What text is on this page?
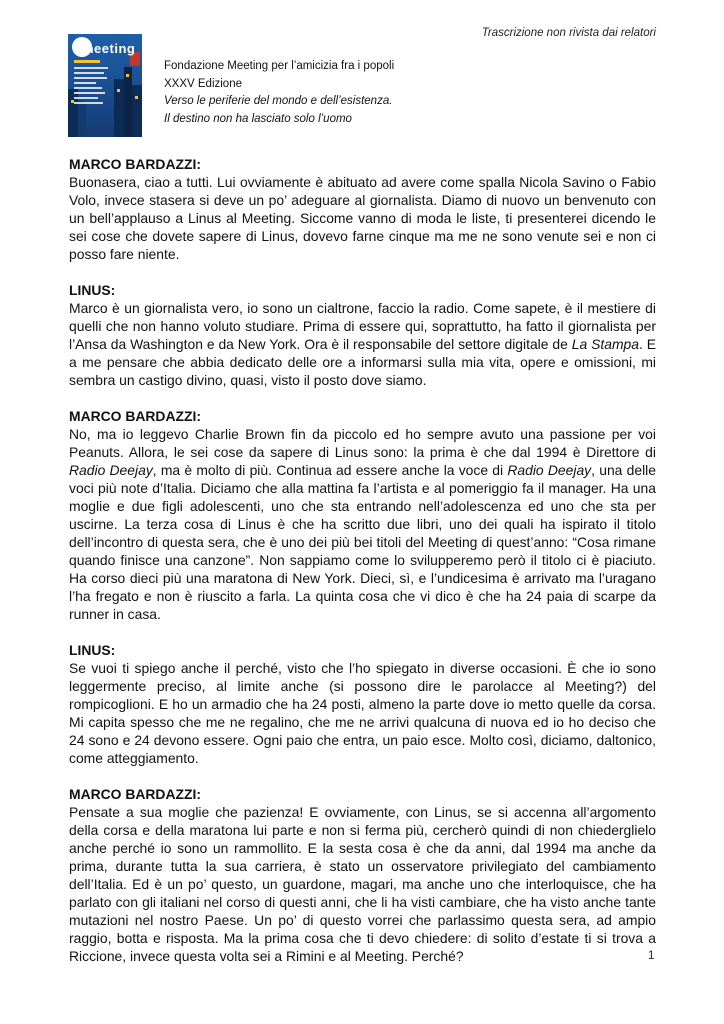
Trascrizione non rivista dai relatori
meeting
Fondazione Meeting per l’amicizia fra i popoli
XXXV Edizione
Verso le periferie del mondo e dell’esistenza.
Il destino non ha lasciato solo l’uomo

MARCO BARDAZZI:

Buonasera, ciao a tutti. Lui ovviamente è abituato ad avere come spalla Nicola Savino o Fabio Volo, invece stasera si deve un po’ adeguare al giornalista. Diamo di nuovo un benvenuto con un bell’applauso a Linus al Meeting. Siccome vanno di moda le liste, ti presenterei dicendo le sei cose che dovete sapere di Linus, dovevo farne cinque ma me ne sono venute sei e non ci posso fare niente.

LINUS:

Marco è un giornalista vero, io sono un cialtrone, faccio la radio. Come sapete, è il mestiere di quelli che non hanno voluto studiare. Prima di essere qui, soprattutto, ha fatto il giornalista per l’Ansa da Washington e da New York. Ora è il responsabile del settore digitale de La Stampa. E a me pensare che abbia dedicato delle ore a informarsi sulla mia vita, opere e omissioni, mi sembra un castigo divino, quasi, visto il posto dove siamo.

MARCO BARDAZZI:

No, ma io leggevo Charlie Brown fin da piccolo ed ho sempre avuto una passione per voi Peanuts. Allora, le sei cose da sapere di Linus sono: la prima è che dal 1994 è Direttore di Radio Deejay, ma è molto di più. Continua ad essere anche la voce di Radio Deejay, una delle voci più note d’Italia. Diciamo che alla mattina fa l’artista e al pomeriggio fa il manager. Ha una moglie e due figli adolescenti, uno che sta entrando nell’adolescenza ed uno che sta per uscirne. La terza cosa di Linus è che ha scritto due libri, uno dei quali ha ispirato il titolo dell’incontro di questa sera, che è uno dei più bei titoli del Meeting di quest’anno: “Cosa rimane quando finisce una canzone”. Non sappiamo come lo svilupperemo però il titolo ci è piaciuto. Ha corso dieci più una maratona di New York. Dieci, sì, e l’undicesima è arrivato ma l’uragano l’ha fregato e non è riuscito a farla. La quinta cosa che vi dico è che ha 24 paia di scarpe da runner in casa.

LINUS:

Se vuoi ti spiego anche il perché, visto che l’ho spiegato in diverse occasioni. È che io sono leggermente preciso, al limite anche (si possono dire le parolacce al Meeting?) del rompicoglioni. E ho un armadio che ha 24 posti, almeno la parte dove io metto quelle da corsa. Mi capita spesso che me ne regalino, che me ne arrivi qualcuna di nuova ed io ho deciso che 24 sono e 24 devono essere. Ogni paio che entra, un paio esce. Molto così, diciamo, daltonico, come atteggiamento.

MARCO BARDAZZI:

Pensate a sua moglie che pazienza! E ovviamente, con Linus, se si accenna all’argomento della corsa e della maratona lui parte e non si ferma più, cercherò quindi di non chiederglielo anche perché io sono un rammollito. E la sesta cosa è che da anni, dal 1994 ma anche da prima, durante tutta la sua carriera, è stato un osservatore privilegiato del cambiamento dell’Italia. Ed è un po’ questo, un guardone, magari, ma anche uno che interloquisce, che ha parlato con gli italiani nel corso di questi anni, che li ha visti cambiare, che ha visto anche tante mutazioni nel nostro Paese. Un po’ di questo vorrei che parlassimo questa sera, ad ampio raggio, botta e risposta. Ma la prima cosa che ti devo chiedere: di solito d’estate ti si trova a Riccione, invece questa volta sei a Rimini e al Meeting. Perché?	1
